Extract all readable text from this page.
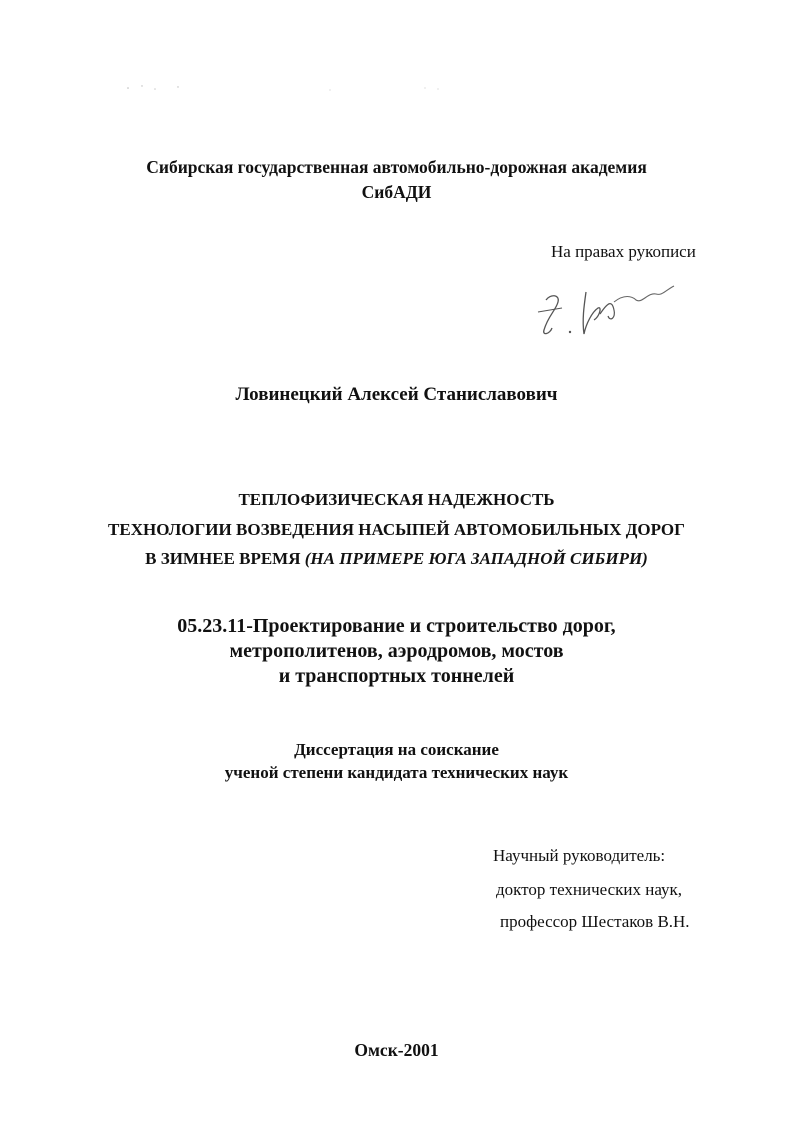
Сибирская государственная автомобильно-дорожная академия
СибАДИ
На правах рукописи
Ловинецкий Алексей Станиславович
ТЕПЛОФИЗИЧЕСКАЯ НАДЕЖНОСТЬ
ТЕХНОЛОГИИ ВОЗВЕДЕНИЯ НАСЫПЕЙ АВТОМОБИЛЬНЫХ ДОРОГ
В ЗИМНЕЕ ВРЕМЯ (НА ПРИМЕРЕ ЮГА ЗАПАДНОЙ СИБИРИ)
05.23.11-Проектирование и строительство дорог,
метрополитенов, аэродромов, мостов
и транспортных тоннелей
Диссертация на соискание
ученой степени кандидата технических наук
Научный руководитель:
доктор технических наук,
профессор Шестаков В.Н.
Омск-2001
